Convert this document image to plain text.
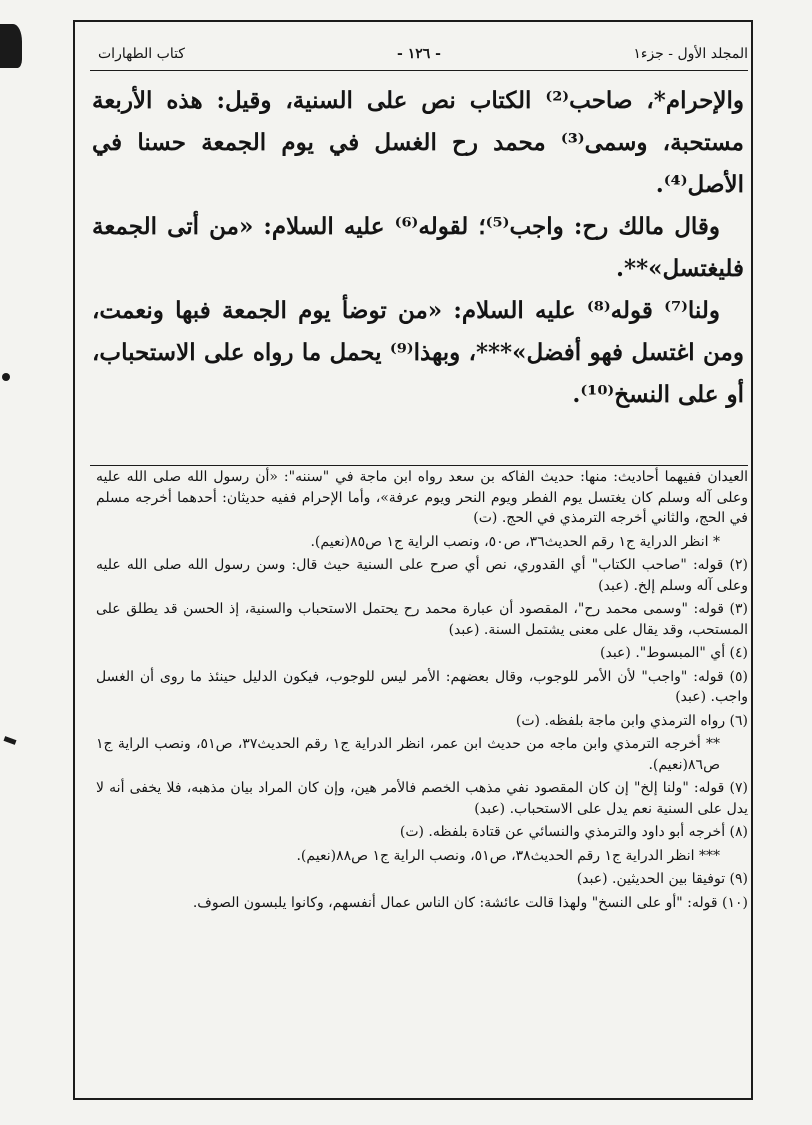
المجلد الأول - جزء١
- ١٢٦ -
كتاب الطهارات

والإحرام*، صاحب⁽²⁾ الكتاب نص على السنية، وقيل: هذه الأربعة مستحبة، وسمى⁽³⁾ محمد رح الغسل في يوم الجمعة حسنا في الأصل⁽⁴⁾.

وقال مالك رح: واجب⁽⁵⁾؛ لقوله⁽⁶⁾ عليه السلام: «من أتى الجمعة فليغتسل»**.

ولنا⁽⁷⁾ قوله⁽⁸⁾ عليه السلام: «من توضأ يوم الجمعة فبها ونعمت، ومن اغتسل فهو أفضل»***، وبهذا⁽⁹⁾ يحمل ما رواه على الاستحباب، أو على النسخ⁽¹⁰⁾.

العيدان ففيهما أحاديث: منها: حديث الفاكه بن سعد رواه ابن ماجة في "سننه": «أن رسول الله صلى الله عليه وعلى آله وسلم كان يغتسل يوم الفطر ويوم النحر ويوم عرفة»، وأما الإحرام ففيه حديثان: أحدهما أخرجه مسلم في الحج، والثاني أخرجه الترمذي في الحج. (ت)

* انظر الدراية ج١ رقم الحديث٣٦، ص٥٠، ونصب الراية ج١ ص٨٥(نعيم).

(٢) قوله: "صاحب الكتاب" أي القدوري، نص أي صرح على السنية حيث قال: وسن رسول الله صلى الله عليه وعلى آله وسلم إلخ. (عبد)

(٣) قوله: "وسمى محمد رح"، المقصود أن عبارة محمد رح يحتمل الاستحباب والسنية، إذ الحسن قد يطلق على المستحب، وقد يقال على معنى يشتمل السنة. (عبد)

(٤) أي "المبسوط". (عبد)

(٥) قوله: "واجب" لأن الأمر للوجوب، وقال بعضهم: الأمر ليس للوجوب، فيكون الدليل حينئذ ما روى أن الغسل واجب. (عبد)

(٦) رواه الترمذي وابن ماجة بلفظه. (ت)

** أخرجه الترمذي وابن ماجه من حديث ابن عمر، انظر الدراية ج١ رقم الحديث٣٧، ص٥١، ونصب الراية ج١ ص٨٦(نعيم).

(٧) قوله: "ولنا إلخ" إن كان المقصود نفي مذهب الخصم فالأمر هين، وإن كان المراد بيان مذهبه، فلا يخفى أنه لا يدل على السنية نعم يدل على الاستحباب. (عبد)

(٨) أخرجه أبو داود والترمذي والنسائي عن قتادة بلفظه. (ت)

*** انظر الدراية ج١ رقم الحديث٣٨، ص٥١، ونصب الراية ج١ ص٨٨(نعيم).

(٩) توفيقا بين الحديثين. (عبد)

(١٠) قوله: "أو على النسخ" ولهذا قالت عائشة: كان الناس عمال أنفسهم، وكانوا يلبسون الصوف.
